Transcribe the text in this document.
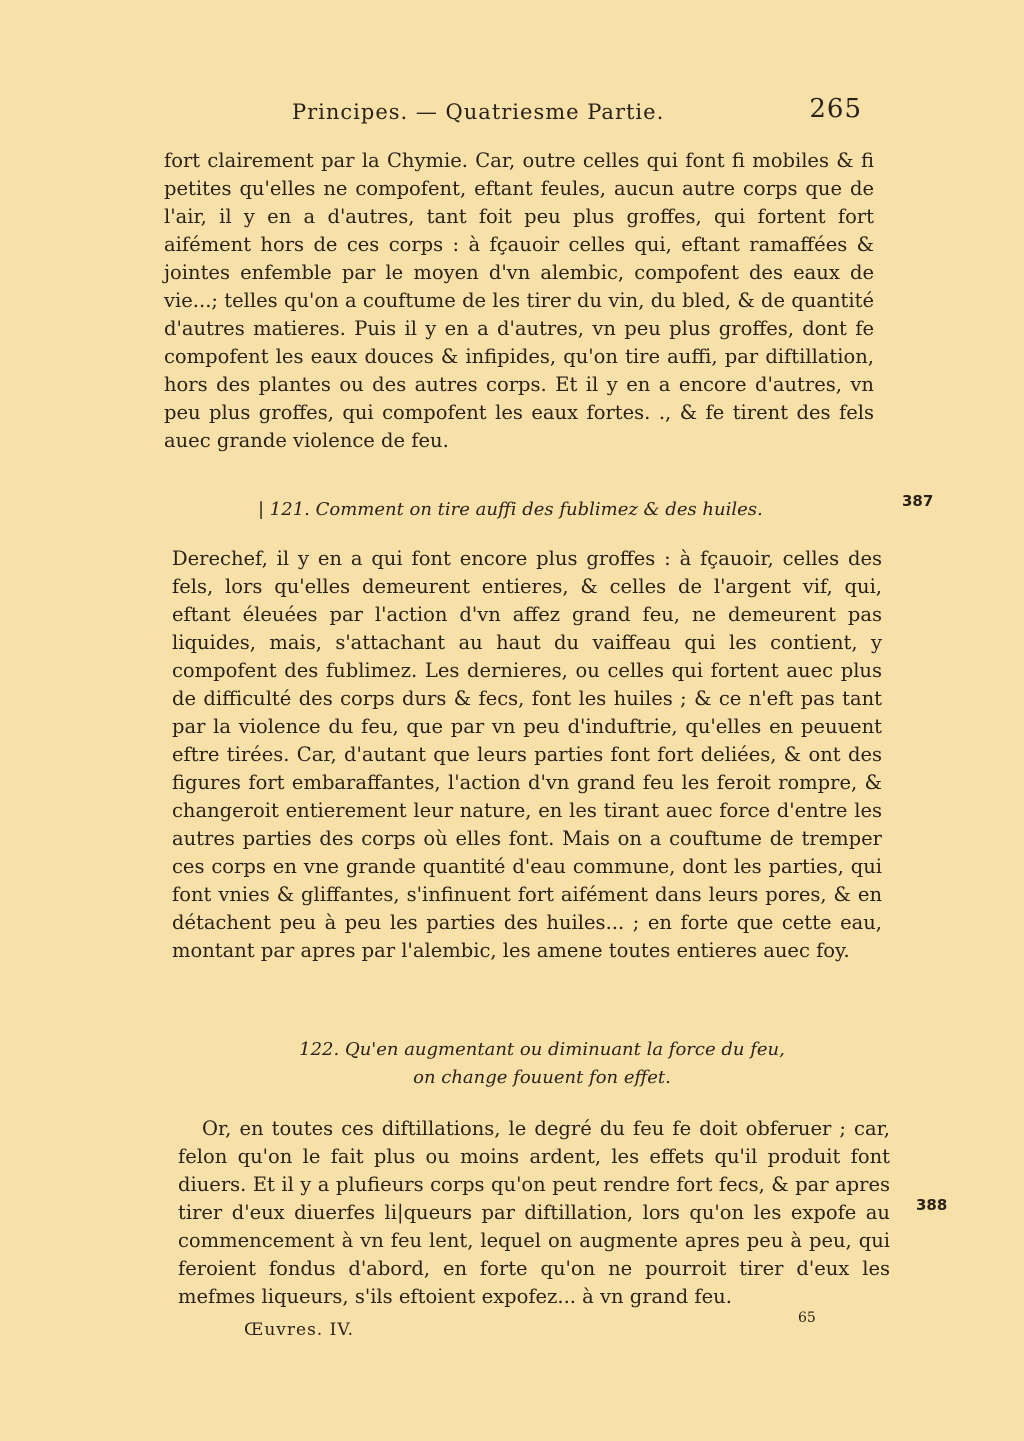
Principes. — Quatriesme Partie.	265
fort clairement par la Chymie. Car, outre celles qui font fi mobiles & fi petites qu'elles ne compofent, eftant feules, aucun autre corps que de l'air, il y en a d'autres, tant foit peu plus groffes, qui fortent fort aifément hors de ces corps : à fçauoir celles qui, eftant ramaffées & jointes enfemble par le moyen d'vn alembic, compofent des eaux de vie...; telles qu'on a couftume de les tirer du vin, du bled, & de quantité d'autres matieres. Puis il y en a d'autres, vn peu plus groffes, dont fe compofent les eaux douces & infipides, qu'on tire auffi, par diftillation, hors des plantes ou des autres corps. Et il y en a encore d'autres, vn peu plus groffes, qui compofent les eaux fortes. ., & fe tirent des fels auec grande violence de feu.
| 121. Comment on tire auffi des fublimez & des huiles.	387
Derechef, il y en a qui font encore plus groffes : à fçauoir, celles des fels, lors qu'elles demeurent entieres, & celles de l'argent vif, qui, eftant éleuées par l'action d'vn affez grand feu, ne demeurent pas liquides, mais, s'attachant au haut du vaiffeau qui les contient, y compofent des fublimez. Les dernieres, ou celles qui fortent auec plus de difficulté des corps durs & fecs, font les huiles ; & ce n'eft pas tant par la violence du feu, que par vn peu d'induftrie, qu'elles en peuuent eftre tirées. Car, d'autant que leurs parties font fort deliées, & ont des figures fort embaraffantes, l'action d'vn grand feu les feroit rompre, & changeroit entierement leur nature, en les tirant auec force d'entre les autres parties des corps où elles font. Mais on a couftume de tremper ces corps en vne grande quantité d'eau commune, dont les parties, qui font vnies & gliffantes, s'infinuent fort aifément dans leurs pores, & en détachent peu à peu les parties des huiles... ; en forte que cette eau, montant par apres par l'alembic, les amene toutes entieres auec foy.
122. Qu'en augmentant ou diminuant la force du feu,
on change fouuent fon effet.
Or, en toutes ces diftillations, le degré du feu fe doit obferuer ; car, felon qu'on le fait plus ou moins ardent, les effets qu'il produit font diuers. Et il y a plufieurs corps qu'on peut rendre fort fecs, & par apres tirer d'eux diuerfes li|queurs par diftillation, lors qu'on les expofe au commencement à vn feu lent, lequel on augmente apres peu à peu, qui feroient fondus d'abord, en forte qu'on ne pourroit tirer d'eux les mefmes liqueurs, s'ils eftoient expofez... à vn grand feu.
388
Œuvres. IV.
65
